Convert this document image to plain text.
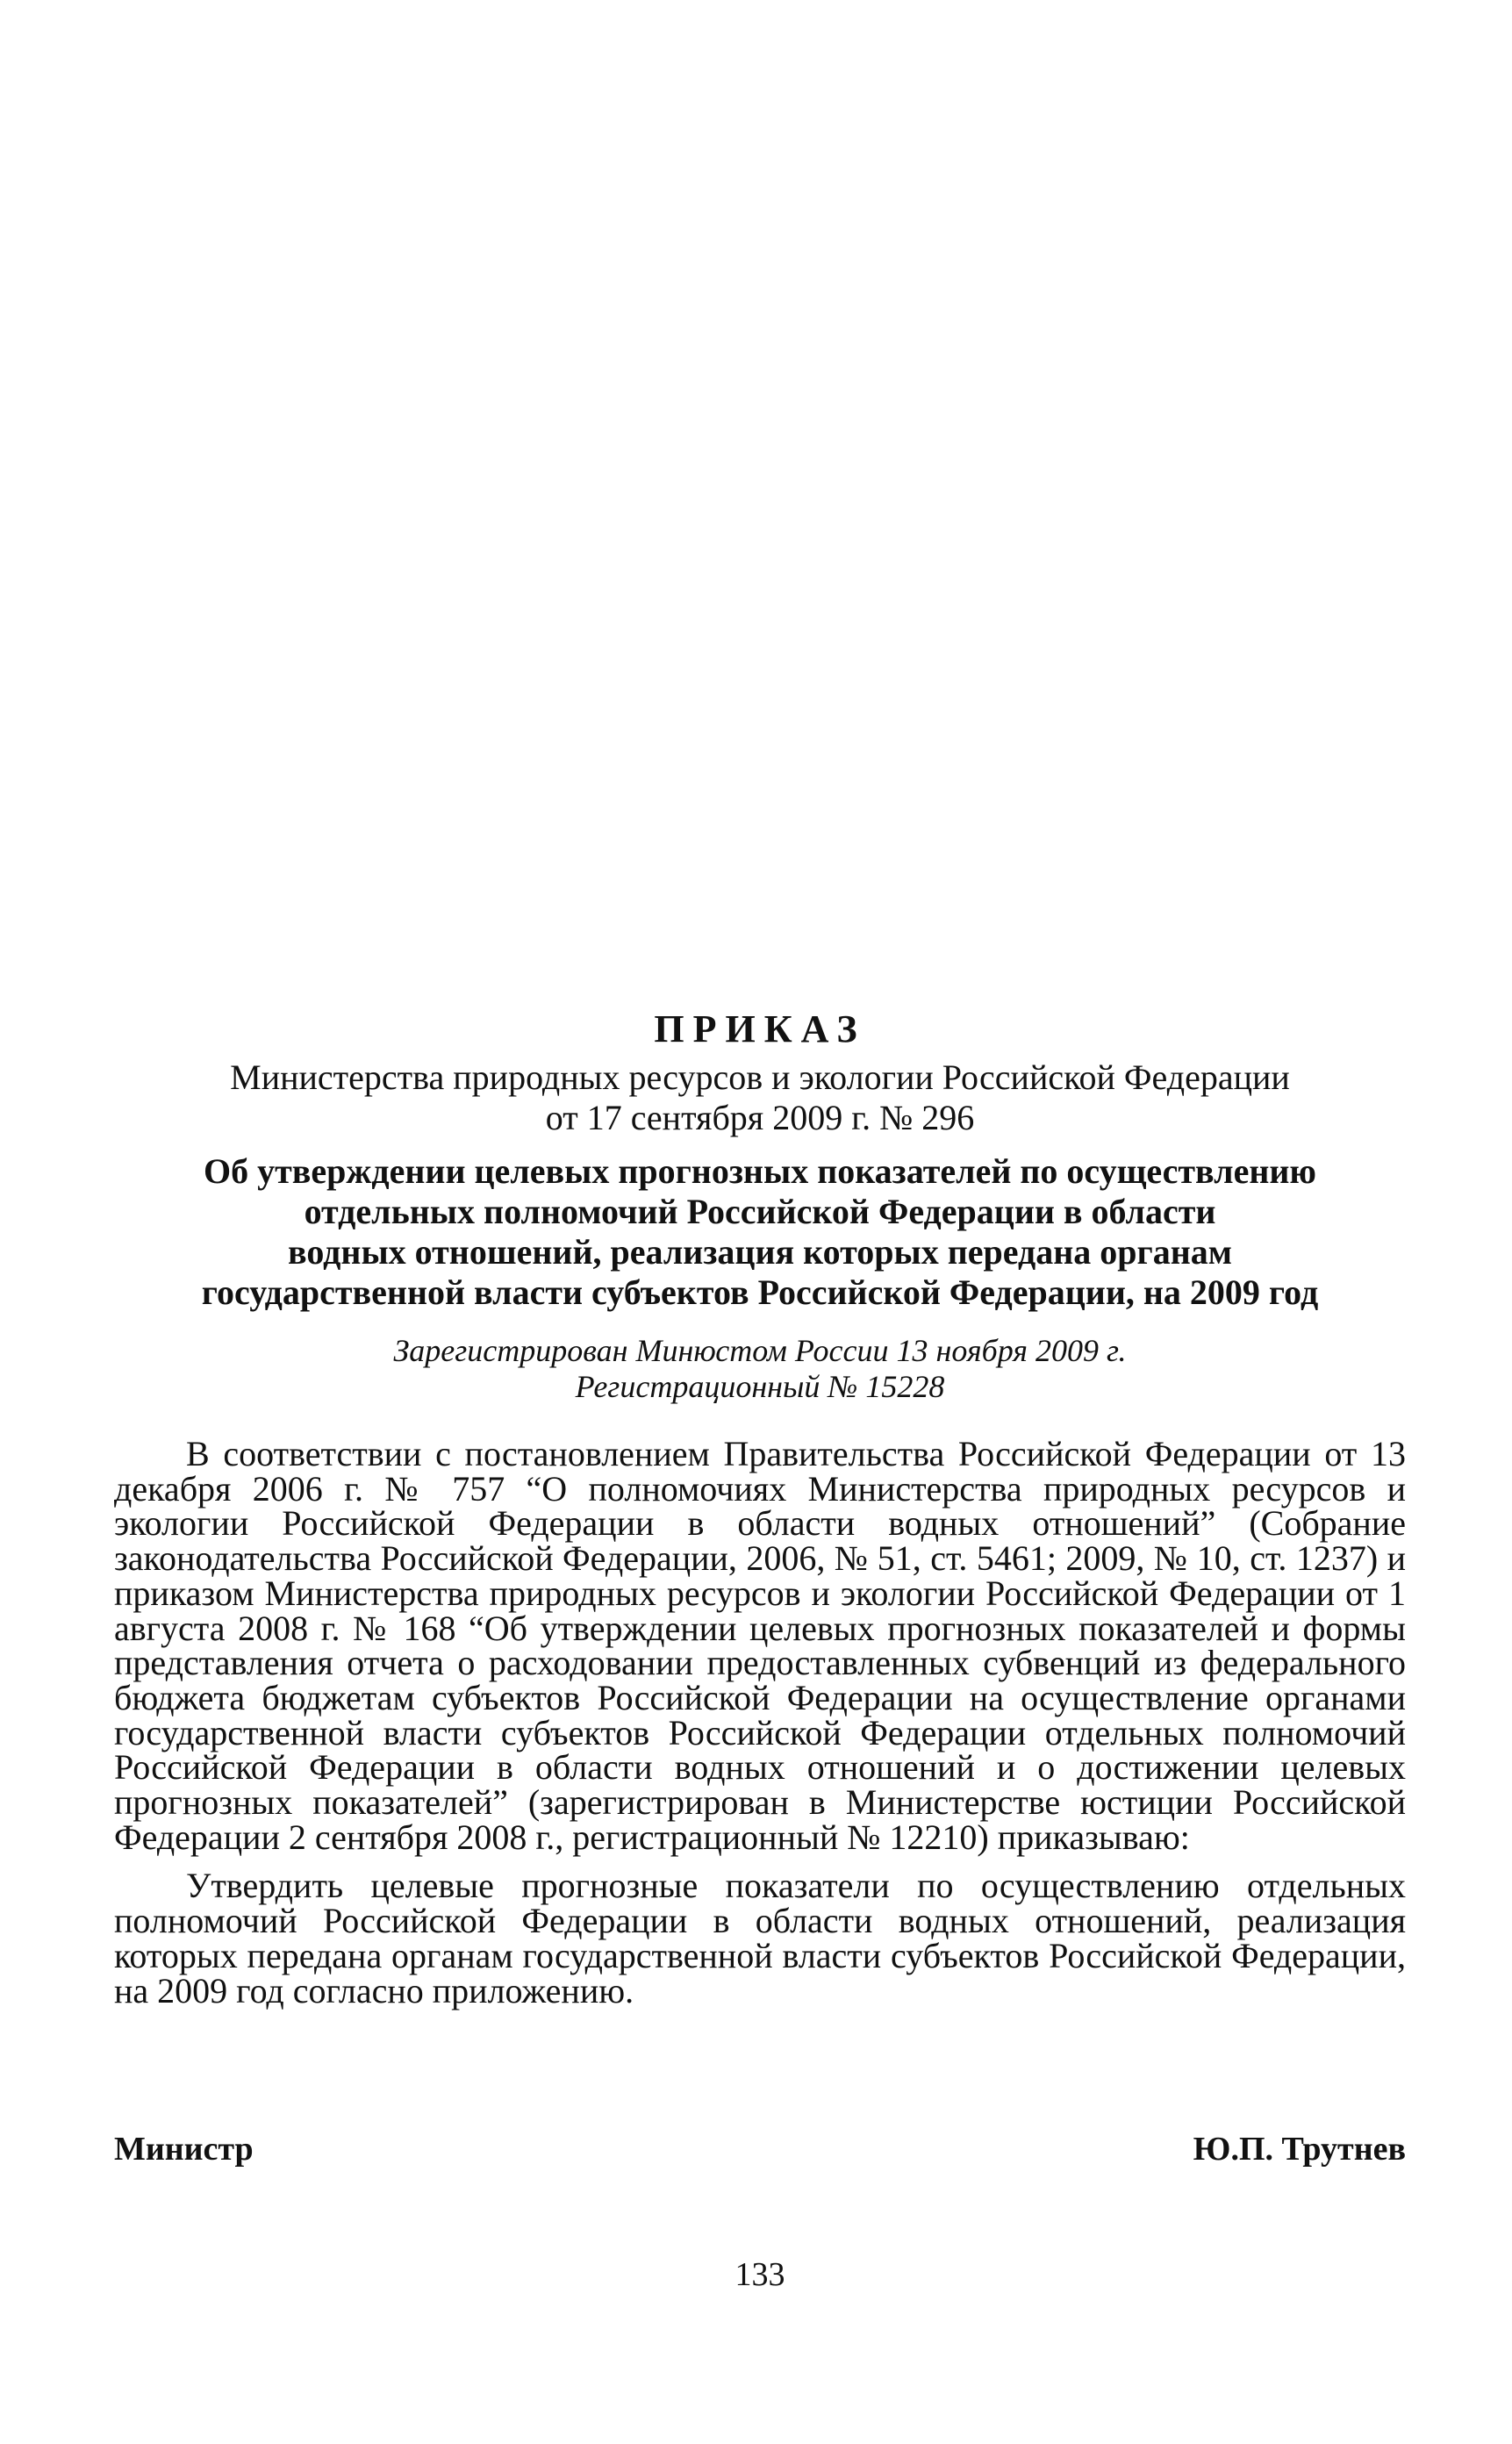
ПРИКАЗ
Министерства природных ресурсов и экологии Российской Федерации
от 17 сентября 2009 г. № 296
Об утверждении целевых прогнозных показателей по осуществлению
отдельных полномочий Российской Федерации в области
водных отношений, реализация которых передана органам
государственной власти субъектов Российской Федерации, на 2009 год
Зарегистрирован Минюстом России 13 ноября 2009 г.
Регистрационный № 15228

В соответствии с постановлением Правительства Российской Федерации от 13 декабря 2006 г. № 757 “О полномочиях Министерства природных ресурсов и экологии Российской Федерации в области водных отношений” (Собрание законодательства Российской Федерации, 2006, № 51, ст. 5461; 2009, № 10, ст. 1237) и приказом Министерства природных ресурсов и экологии Российской Федерации от 1 августа 2008 г. № 168 “Об утверждении целевых прогнозных показателей и формы представления отчета о расходовании предоставленных субвенций из федерального бюджета бюджетам субъектов Российской Федерации на осуществление органами государственной власти субъектов Российской Федерации отдельных полномочий Российской Федерации в области водных отношений и о достижении целевых прогнозных показателей” (зарегистрирован в Министерстве юстиции Российской Федерации 2 сентября 2008 г., регистрационный № 12210) приказываю:

Утвердить целевые прогнозные показатели по осуществлению отдельных полномочий Российской Федерации в области водных отношений, реализация которых передана органам государственной власти субъектов Российской Федерации, на 2009 год согласно приложению.

Министр	Ю.П. Трутнев
133
